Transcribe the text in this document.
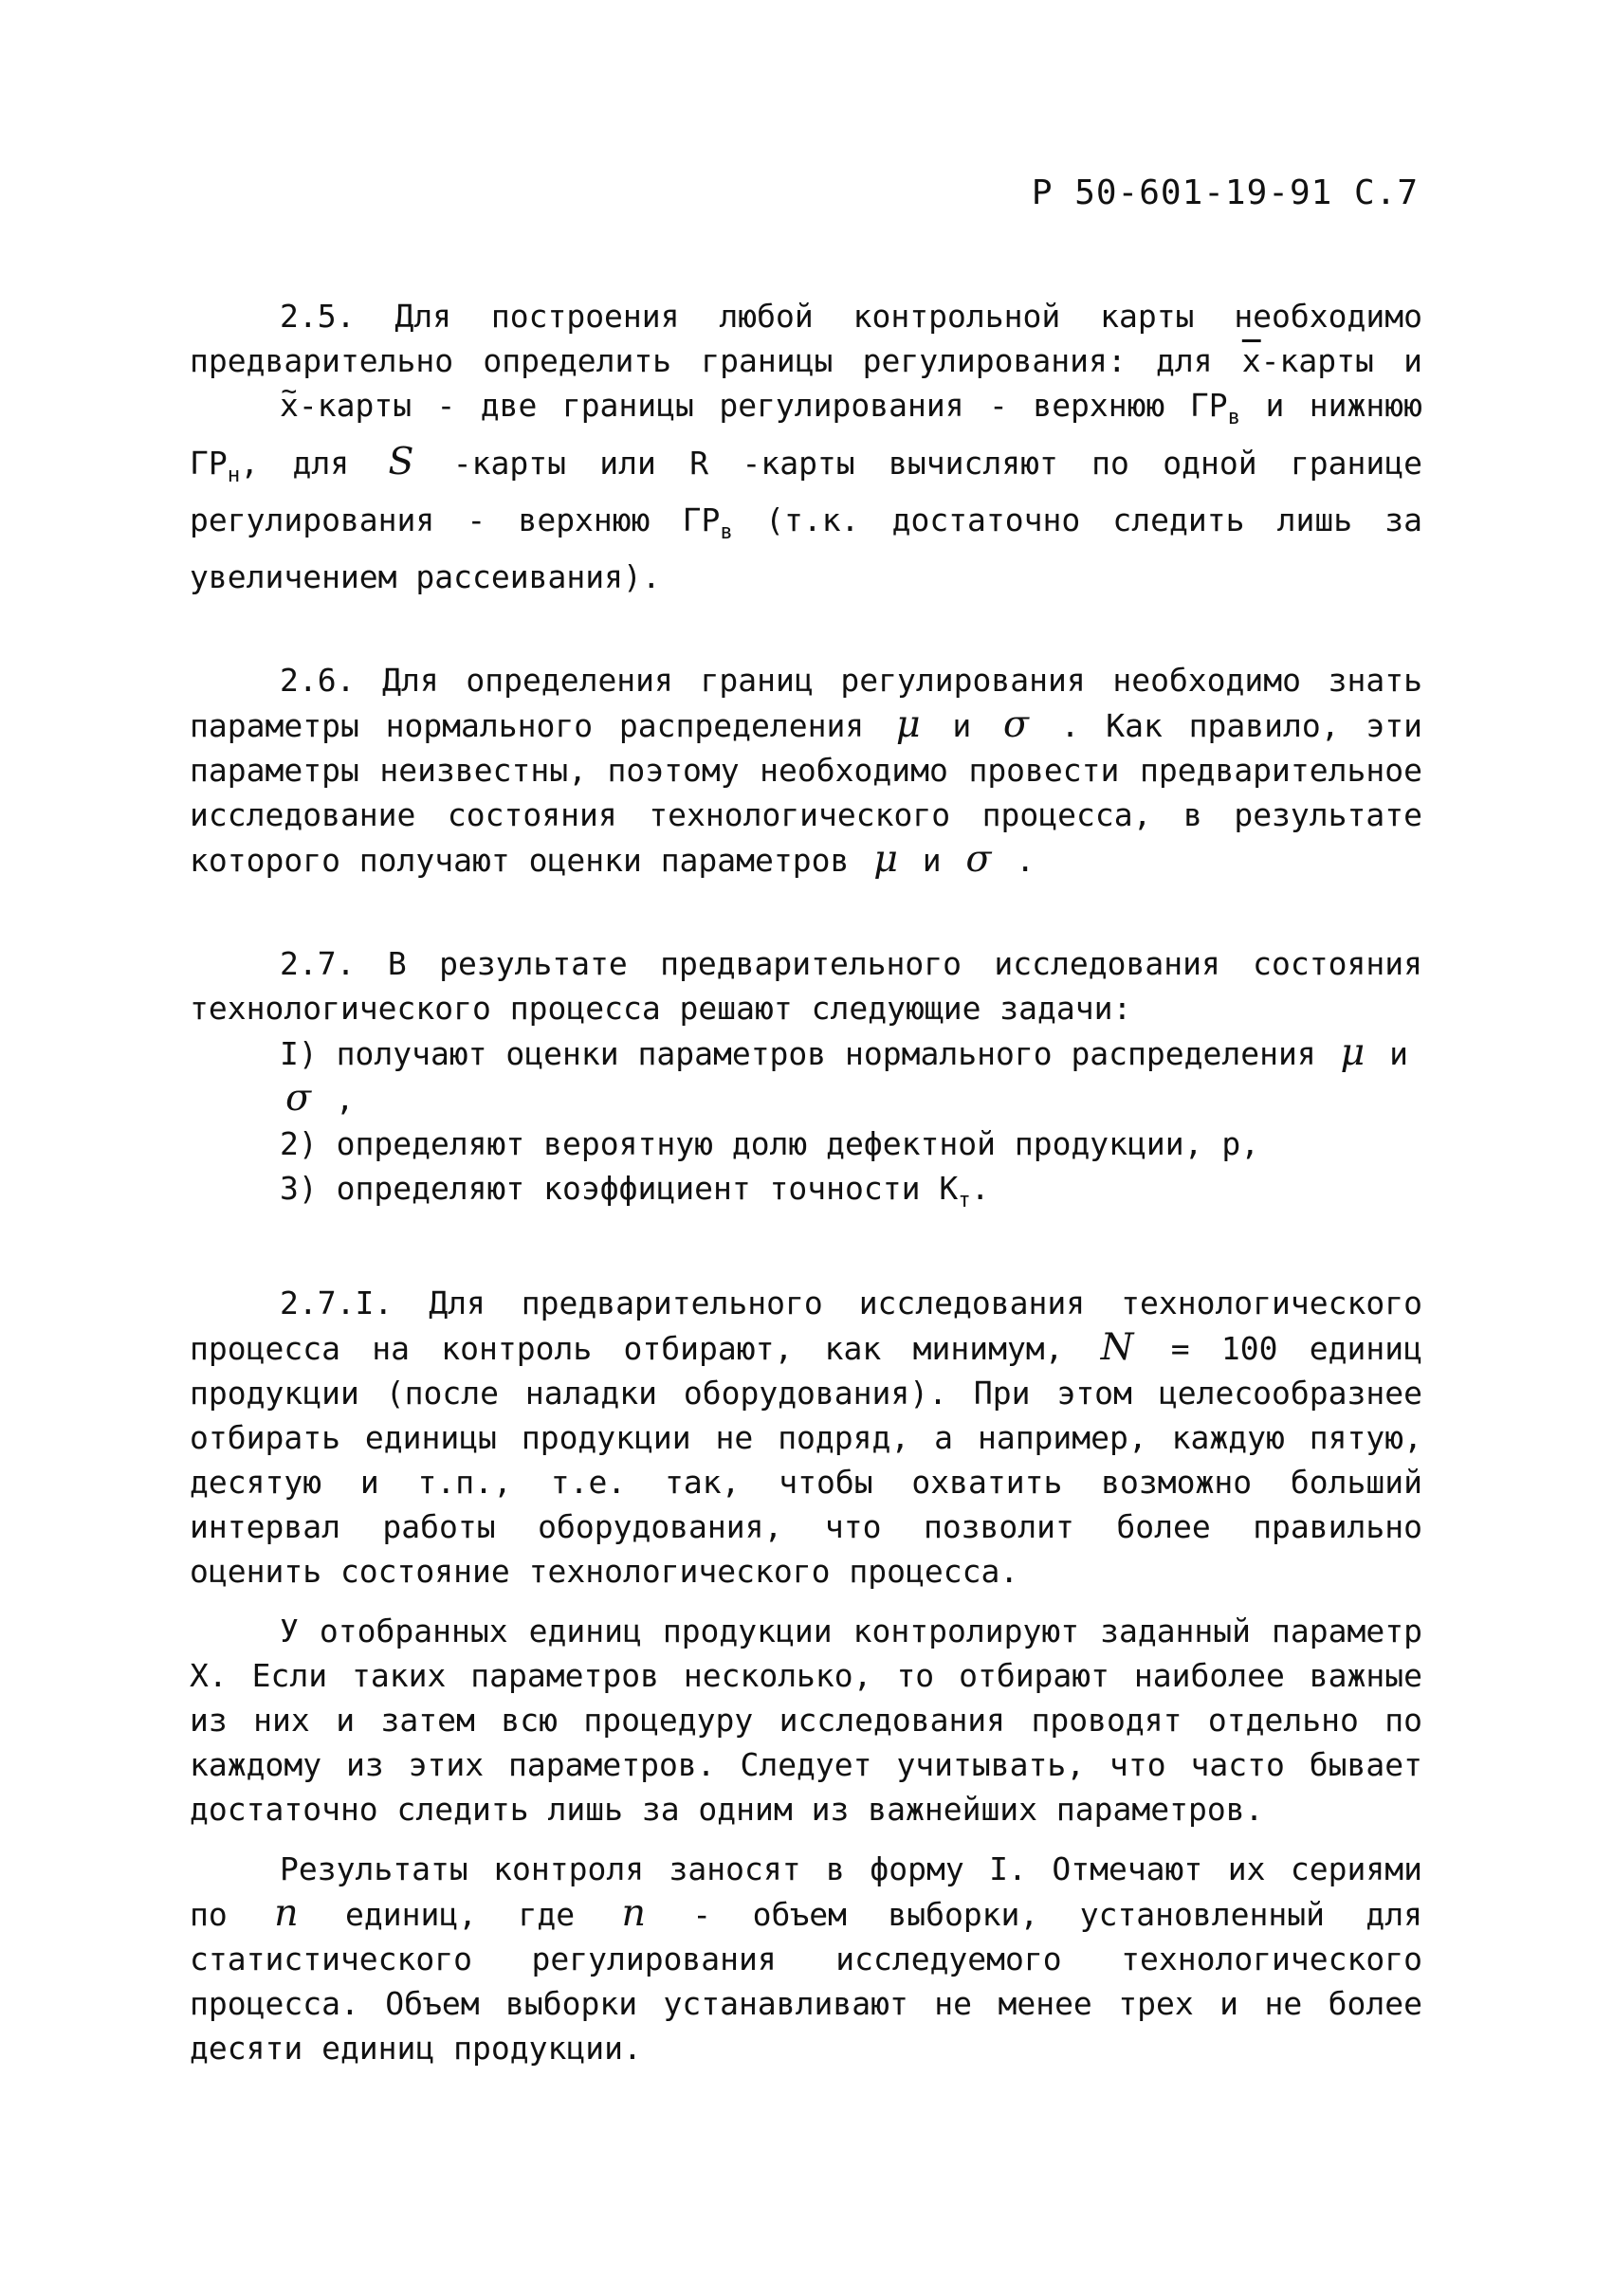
Р 50-601-19-91 С.7

2.5. Для построения любой контрольной карты необходимо предварительно определить границы регулирования: для $\overline{x}$-карты и ~ x-карты - две границы регулирования - верхнюю $ГР_в$ и нижнюю $ГР_н$, для S -карты или R -карты вычисляют по одной границе регулирования - верхнюю $ГР_в$ (т.к. достаточно следить лишь за увеличением рассеивания).

2.6. Для определения границ регулирования необходимо знать параметры нормального распределения μ и σ . Как правило, эти параметры неизвестны, поэтому необходимо провести предварительное исследование состояния технологического процесса, в результате которого получают оценки параметров μ и σ .

2.7. В результате предварительного исследования состояния технологического процесса решают следующие задачи:

I) получают оценки параметров нормального распределения μ и σ ,
2) определяют вероятную долю дефектной продукции, р,
3) определяют коэффициент точности $К_т$.

2.7.I. Для предварительного исследования технологического процесса на контроль отбирают, как минимум, N = 100 единиц продукции (после наладки оборудования). При этом целесообразнее отбирать единицы продукции не подряд, а например, каждую пятую, десятую и т.п., т.е. так, чтобы охватить возможно больший интервал работы оборудования, что позволит более правильно оценить состояние технологического процесса.

У отобранных единиц продукции контролируют заданный параметр X. Если таких параметров несколько, то отбирают наиболее важные из них и затем всю процедуру исследования проводят отдельно по каждому из этих параметров. Следует учитывать, что часто бывает достаточно следить лишь за одним из важнейших параметров.

Результаты контроля заносят в форму I. Отмечают их сериями по n единиц, где n - объем выборки, установленный для статистического регулирования исследуемого технологического процесса. Объем выборки устанавливают не менее трех и не более десяти единиц продукции.
